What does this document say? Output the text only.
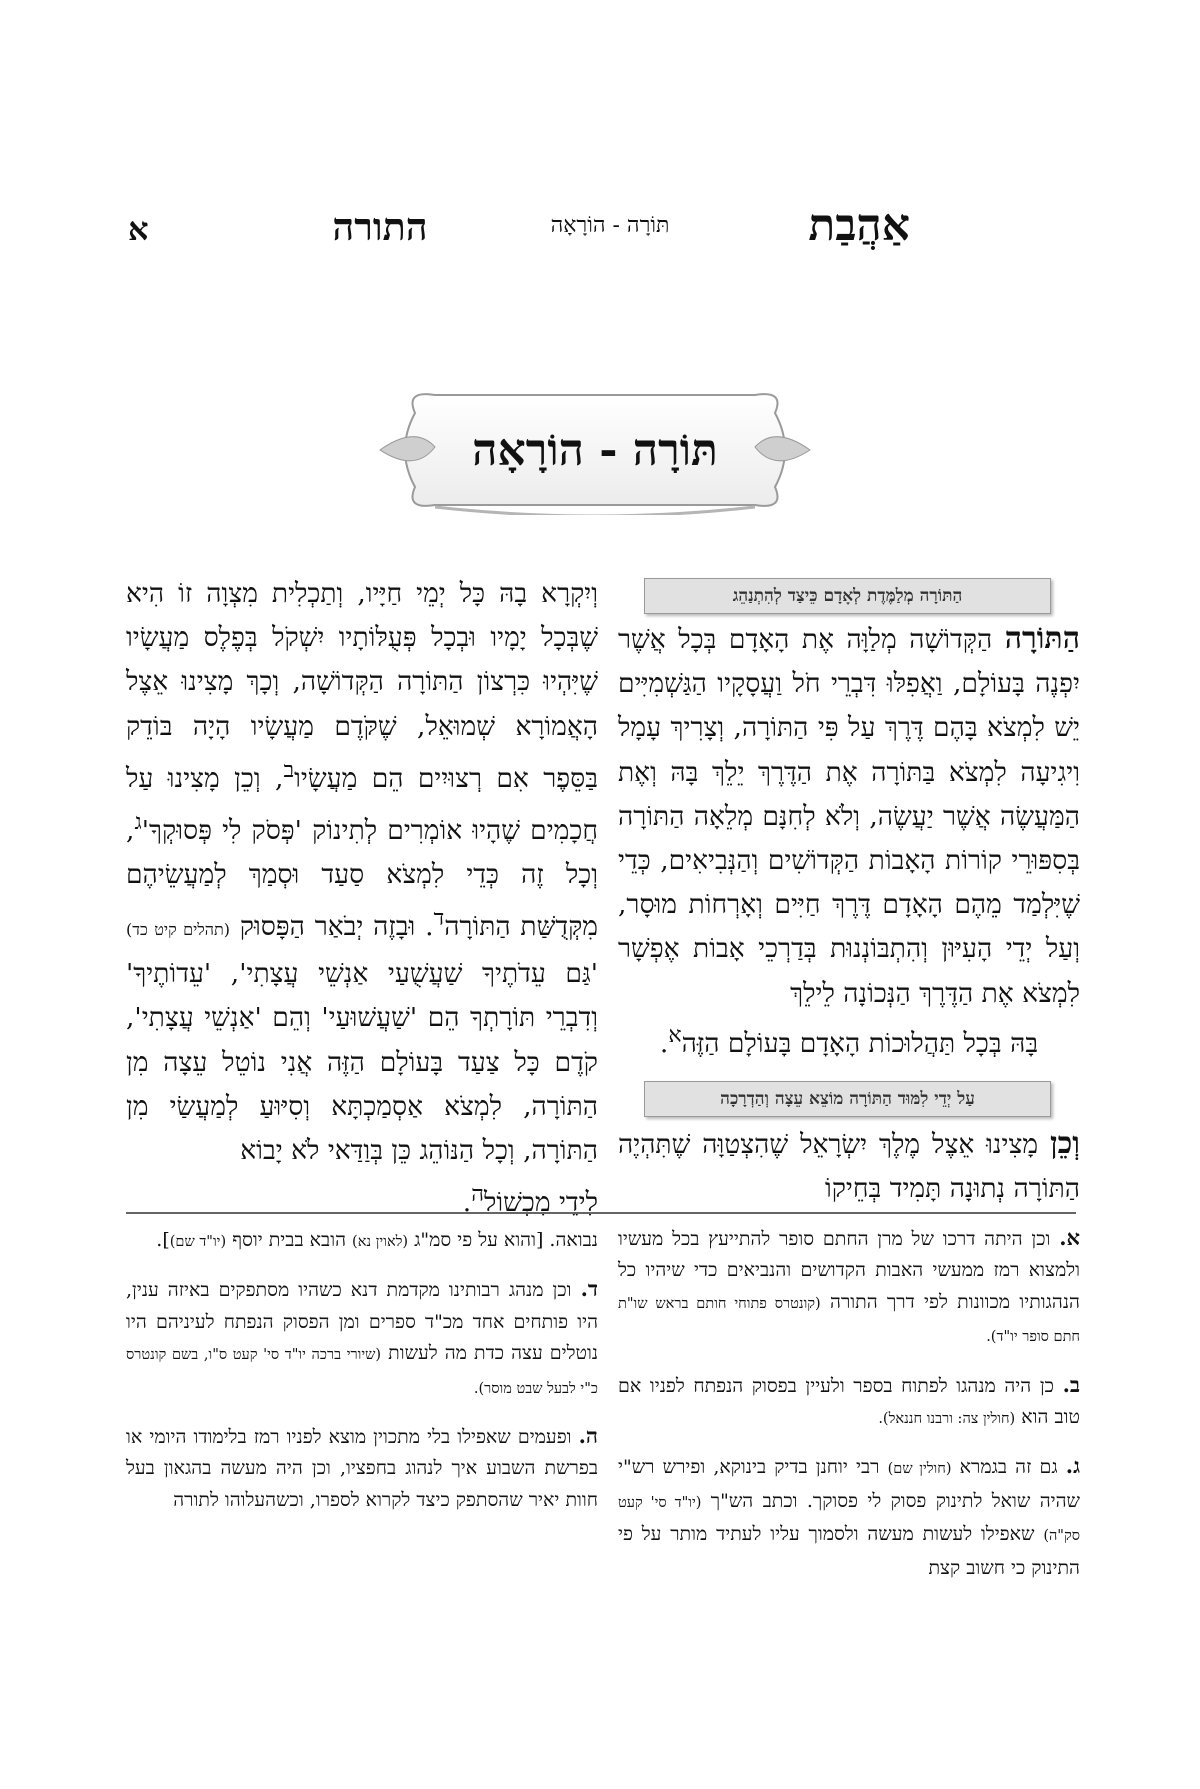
א	התורה	תּוֹרָה - הוֹרָאָה	אַהֲבַת
תּוֹרָה - הוֹרָאָה
הַתּוֹרָה מְלַמֶּדֶת לְאָדָם כֵּיצַד לְהִתְנַהֵג
הַתּוֹרָה הַקְּדוֹשָׁה מְלַוָּה אֶת הָאָדָם בְּכָל אֲשֶׁר יִפְנֶה בָּעוֹלָם, וַאֲפִלּוּ דִּבְרֵי חֹל וַעֲסָקָיו הַגַּשְׁמִיִּים יֵשׁ לִמְצֹא בָּהֶם דֶּרֶךְ עַל פִּי הַתּוֹרָה, וְצָרִיךְ עָמָל וִיגִיעָה לִמְצֹא בַּתּוֹרָה אֶת הַדֶּרֶךְ יֵלֵךְ בָּהּ וְאֶת הַמַּעֲשֶׂה אֲשֶׁר יַעֲשֶׂה, וְלֹא לְחִנָּם מְלֵאָה הַתּוֹרָה בְּסִפּוּרֵי קוֹרוֹת הָאָבוֹת הַקְּדוֹשִׁים וְהַנְּבִיאִים, כְּדֵי שֶׁיִּלְמַד מֵהֶם הָאָדָם דֶּרֶךְ חַיִּים וְאָרְחוֹת מוּסָר, וְעַל יְדֵי הָעִיּוּן וְהִתְבּוֹנְנוּת בְּדַרְכֵי אָבוֹת אֶפְשָׁר לִמְצֹא אֶת הַדֶּרֶךְ הַנְּכוֹנָה לֵילֵךְ
בָּהּ בְּכָל תַּהֲלוּכוֹת הָאָדָם בָּעוֹלָם הַזֶּה$^א$.
עַל יְדֵי לִמּוּד הַתּוֹרָה מוֹצֵא עֵצָה וְהַדְרָכָה
וְכֵן מָצִינוּ אֵצֶל מֶלֶךְ יִשְׂרָאֵל שֶׁהִצְטַוָּה שֶׁתִּהְיֶה הַתּוֹרָה נְתוּנָה תָּמִיד בְּחֵיקוֹ
וְיִקְרָא בָהּ כָּל יְמֵי חַיָּיו, וְתַכְלִית מִצְוָה זוֹ הִיא שֶׁבְּכָל יָמָיו וּבְכָל פְּעֻלּוֹתָיו יִשְׁקֹל בְּפֶלֶס מַעֲשָׂיו שֶׁיִּהְיוּ כִּרְצוֹן הַתּוֹרָה הַקְּדוֹשָׁה, וְכָךְ מָצִינוּ אֵצֶל הָאֲמוֹרָא שְׁמוּאֵל, שֶׁקֹּדֶם מַעֲשָׂיו הָיָה בּוֹדֵק בַּסֵּפֶר אִם רְצוּיִים הֵם מַעֲשָׂיו$^ב$, וְכֵן מָצִינוּ עַל חֲכָמִים שֶׁהָיוּ אוֹמְרִים לְתִינוֹק 'פְּסֹק לִי $פְּסוּקְךָ'^ג$, וְכָל זֶה כְּדֵי לִמְצֹא סַעַד וּסְמַךְ לְמַעֲשֵׂיהֶם מִקְּדֻשַּׁת הַתּוֹרָה$^ד$. וּבָזֶה יְבֹאַר הַפָּסוּק (תהלים קיט כד) 'גַּם עֵדֹתֶיךָ שַׁעֲשֻׁעַי אַנְשֵׁי עֲצָתִי', 'עֵדוֹתֶיךָ' וְדִבְרֵי תּוֹרָתְךָ הֵם 'שַׁעֲשׁוּעַי' וְהֵם 'אַנְשֵׁי עֲצָתִי', קֹדֶם כָּל צַעַד בָּעוֹלָם הַזֶּה אֲנִי נוֹטֵל עֵצָה מִן הַתּוֹרָה, לִמְצֹא אַסְמַכְתָּא וְסִיּוּעַ לְמַעֲשַׂי מִן הַתּוֹרָה, וְכָל הַנּוֹהֵג כֵּן בְּוַדַּאי לֹא יָבוֹא
לִידֵי מִכְשׁוֹל$^ה$.
א. וכן היתה דרכו של מרן החתם סופר להתייעץ בכל מעשיו ולמצוא רמז ממעשי האבות הקדושים והנביאים כדי שיהיו כל הנהגותיו מכוונות לפי דרך התורה (קונטרס פתוחי חותם בראש שו"ת חתם סופר יו"ד).
ב. כן היה מנהגו לפתוח בספר ולעיין בפסוק הנפתח לפניו אם טוב הוא (חולין צה: ורבנו חננאל).
ג. גם זה בגמרא (חולין שם) רבי יוחנן בדיק בינוקא, ופירש רש"י שהיה שואל לתינוק פסוק לי פסוקך. וכתב הש"ך (יו"ד סי' קעט סק"ה) שאפילו לעשות מעשה ולסמוך עליו לעתיד מותר על פי התינוק כי חשוב קצת
נבואה. [והוא על פי סמ"ג (לאוין נא) הובא בבית יוסף (יו"ד שם)].
ד. וכן מנהג רבותינו מקדמת דנא כשהיו מסתפקים באיזה ענין, היו פותחים אחד מכ"ד ספרים ומן הפסוק הנפתח לעיניהם היו נוטלים עצה כדת מה לעשות (שיורי ברכה יו"ד סי' קעט ס"ו, בשם קונטרס כ"י לבעל שבט מוסר).
ה. ופעמים שאפילו בלי מתכוין מוצא לפניו רמז בלימודו היומי או בפרשת השבוע איך לנהוג בחפציו, וכן היה מעשה בהגאון בעל חוות יאיר שהסתפק כיצד לקרוא לספרו, וכשהעלוהו לתורה
